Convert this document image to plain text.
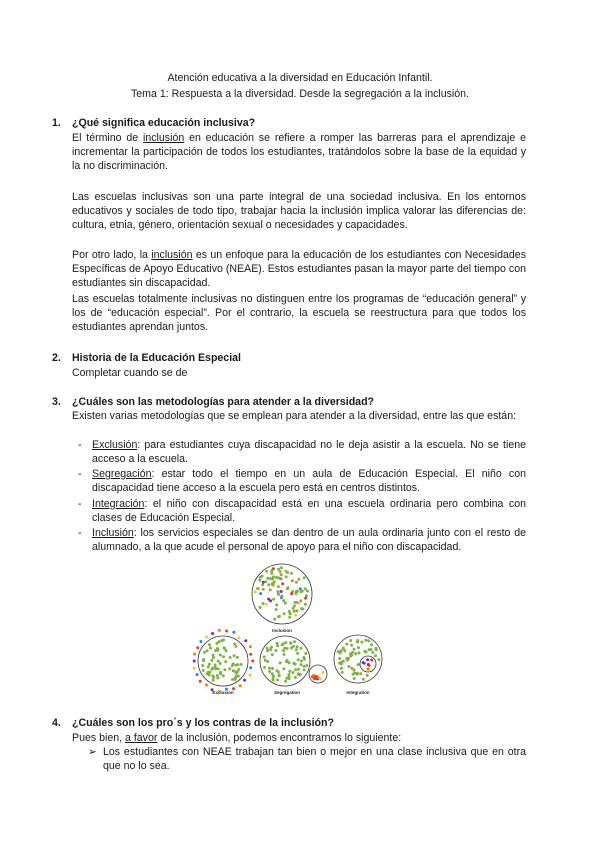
Atención educativa a la diversidad en Educación Infantil.
Tema 1: Respuesta a la diversidad. Desde la segregación a la inclusión.
1. ¿Qué significa educación inclusiva?
El término de inclusión en educación se refiere a romper las barreras para el aprendizaje e incrementar la participación de todos los estudiantes, tratándolos sobre la base de la equidad y la no discriminación.
Las escuelas inclusivas son una parte integral de una sociedad inclusiva. En los entornos educativos y sociales de todo tipo, trabajar hacia la inclusión implica valorar las diferencias de: cultura, etnia, género, orientación sexual o necesidades y capacidades.
Por otro lado, la inclusión es un enfoque para la educación de los estudiantes con Necesidades Específicas de Apoyo Educativo (NEAE). Estos estudiantes pasan la mayor parte del tiempo con estudiantes sin discapacidad.
Las escuelas totalmente inclusivas no distinguen entre los programas de “educación general” y los de “educación especial”. Por el contrario, la escuela se reestructura para que todos los estudiantes aprendan juntos.
2. Historia de la Educación Especial
Completar cuando se de
3. ¿Cuáles son las metodologías para atender a la diversidad?
Existen varias metodologías que se emplean para atender a la diversidad, entre las que están:
- Exclusión: para estudiantes cuya discapacidad no le deja asistir a la escuela. No se tiene acceso a la escuela.
- Segregación: estar todo el tiempo en un aula de Educación Especial. El niño con discapacidad tiene acceso a la escuela pero está en centros distintos.
- Integración: el niño con discapacidad está en una escuela ordinaria pero combina con clases de Educación Especial.
- Inclusión: los servicios especiales se dan dentro de un aula ordinaria junto con el resto de alumnado, a la que acude el personal de apoyo para el niño con discapacidad.
Inclusion
Exclusion	Segregation	Integration
4. ¿Cuáles son los pro´s y los contras de la inclusión?
Pues bien, a favor de la inclusión, podemos encontrarnos lo siguiente:
➢ Los estudiantes con NEAE trabajan tan bien o mejor en una clase inclusiva que en otra que no lo sea.
